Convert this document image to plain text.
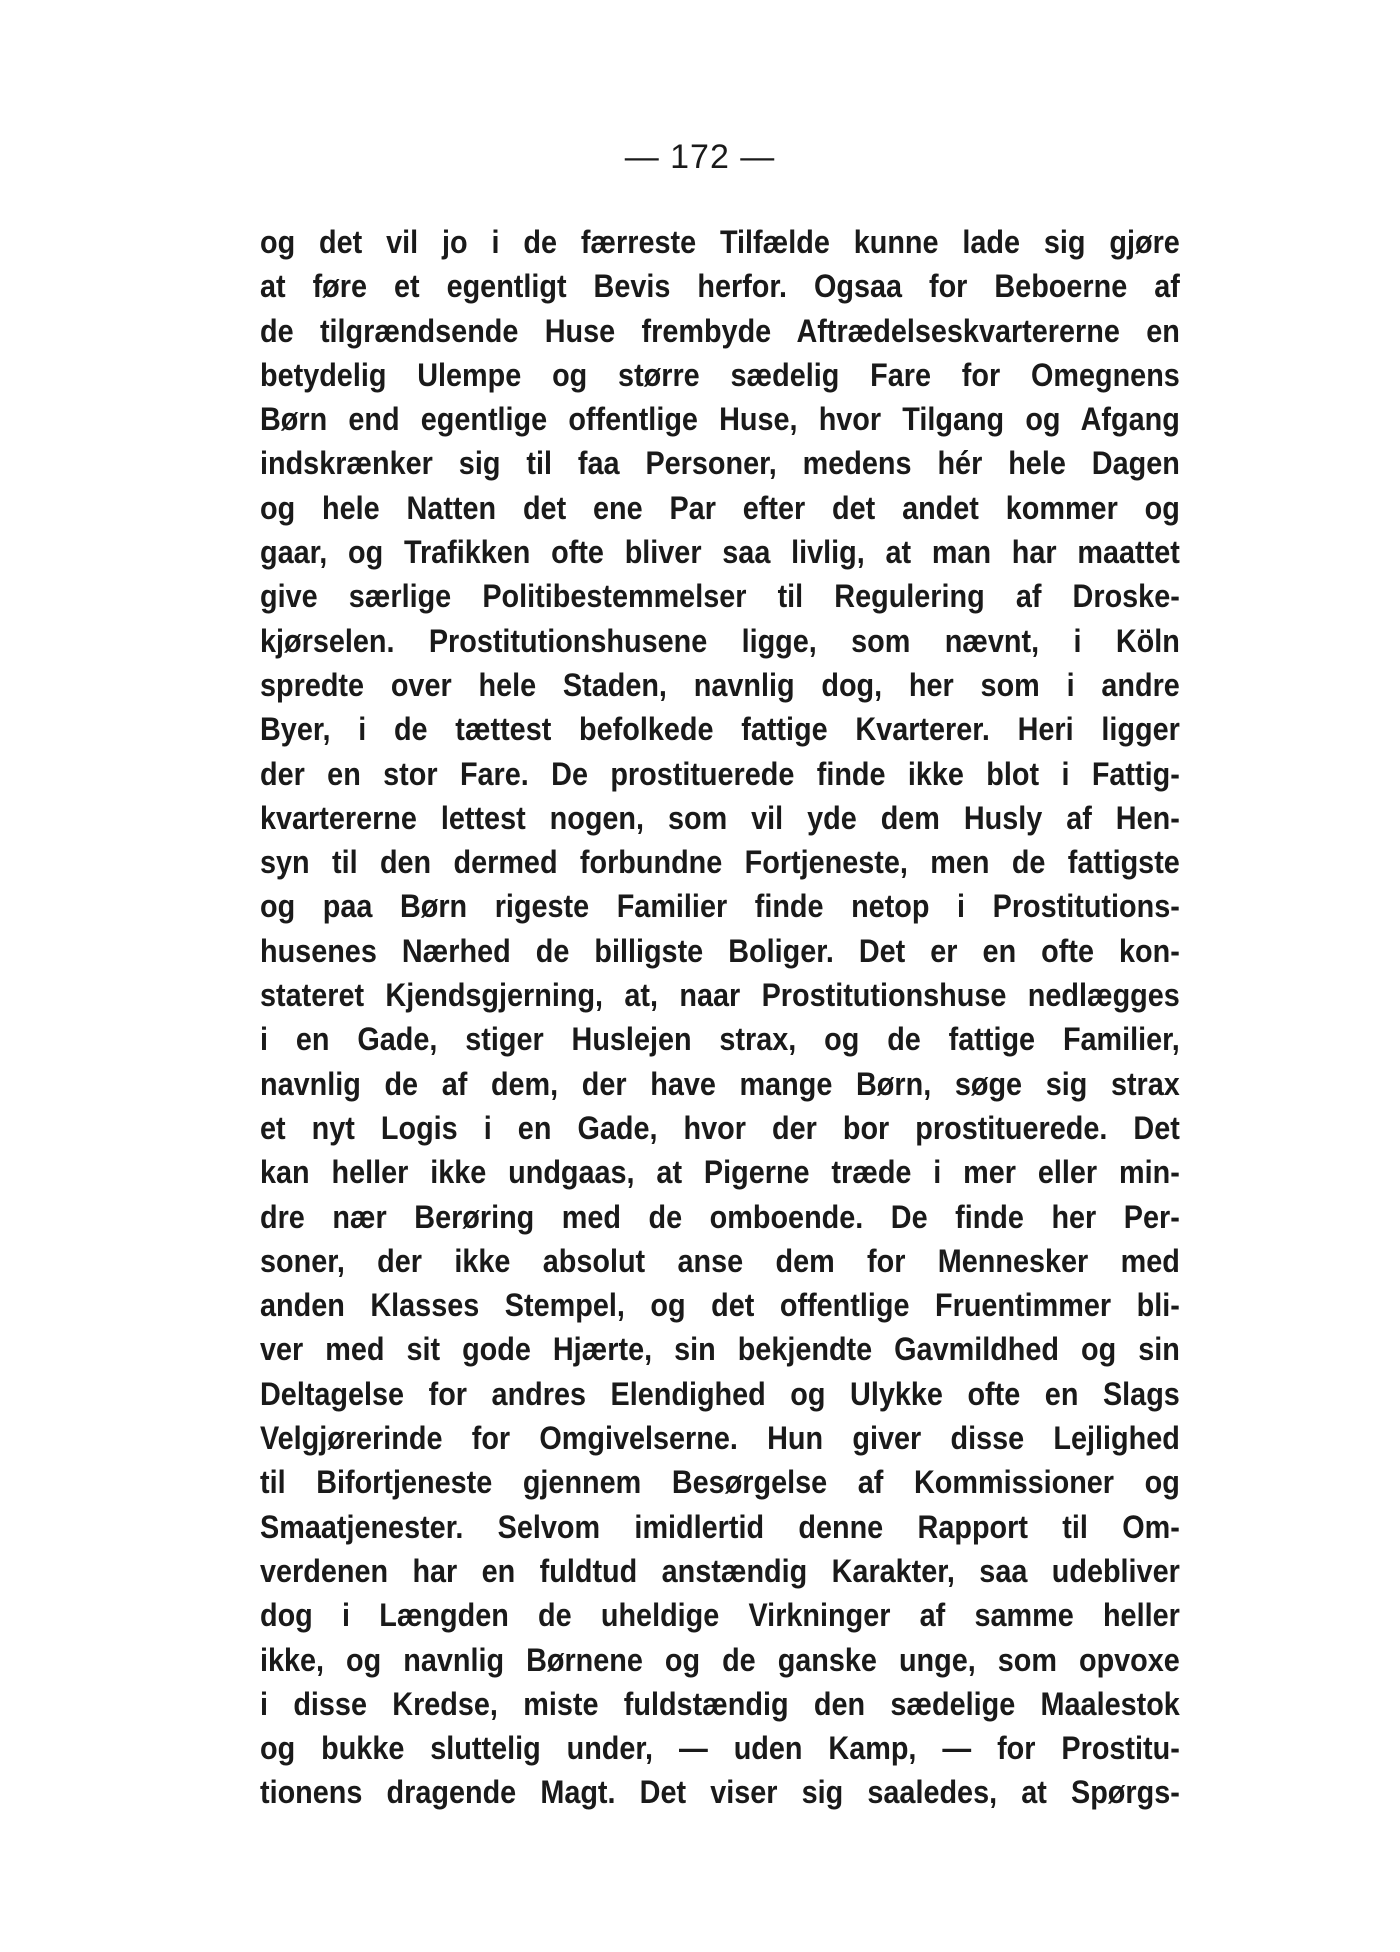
— 172 —
og det vil jo i de færreste Tilfælde kunne lade sig gjøre
at føre et egentligt Bevis herfor. Ogsaa for Beboerne af
de tilgrændsende Huse frembyde Aftrædelseskvartererne en
betydelig Ulempe og større sædelig Fare for Omegnens
Børn end egentlige offentlige Huse, hvor Tilgang og Afgang
indskrænker sig til faa Personer, medens hér hele Dagen
og hele Natten det ene Par efter det andet kommer og
gaar, og Trafikken ofte bliver saa livlig, at man har maattet
give særlige Politibestemmelser til Regulering af Droske-
kjørselen. Prostitutionshusene ligge, som nævnt, i Köln
spredte over hele Staden, navnlig dog, her som i andre
Byer, i de tættest befolkede fattige Kvarterer. Heri ligger
der en stor Fare. De prostituerede finde ikke blot i Fattig-
kvartererne lettest nogen, som vil yde dem Husly af Hen-
syn til den dermed forbundne Fortjeneste, men de fattigste
og paa Børn rigeste Familier finde netop i Prostitutions-
husenes Nærhed de billigste Boliger. Det er en ofte kon-
stateret Kjendsgjerning, at, naar Prostitutionshuse nedlægges
i en Gade, stiger Huslejen strax, og de fattige Familier,
navnlig de af dem, der have mange Børn, søge sig strax
et nyt Logis i en Gade, hvor der bor prostituerede. Det
kan heller ikke undgaas, at Pigerne træde i mer eller min-
dre nær Berøring med de omboende. De finde her Per-
soner, der ikke absolut anse dem for Mennesker med
anden Klasses Stempel, og det offentlige Fruentimmer bli-
ver med sit gode Hjærte, sin bekjendte Gavmildhed og sin
Deltagelse for andres Elendighed og Ulykke ofte en Slags
Velgjørerinde for Omgivelserne. Hun giver disse Lejlighed
til Bifortjeneste gjennem Besørgelse af Kommissioner og
Smaatjenester. Selvom imidlertid denne Rapport til Om-
verdenen har en fuldtud anstændig Karakter, saa udebliver
dog i Længden de uheldige Virkninger af samme heller
ikke, og navnlig Børnene og de ganske unge, som opvoxe
i disse Kredse, miste fuldstændig den sædelige Maalestok
og bukke sluttelig under, — uden Kamp, — for Prostitu-
tionens dragende Magt. Det viser sig saaledes, at Spørgs-
